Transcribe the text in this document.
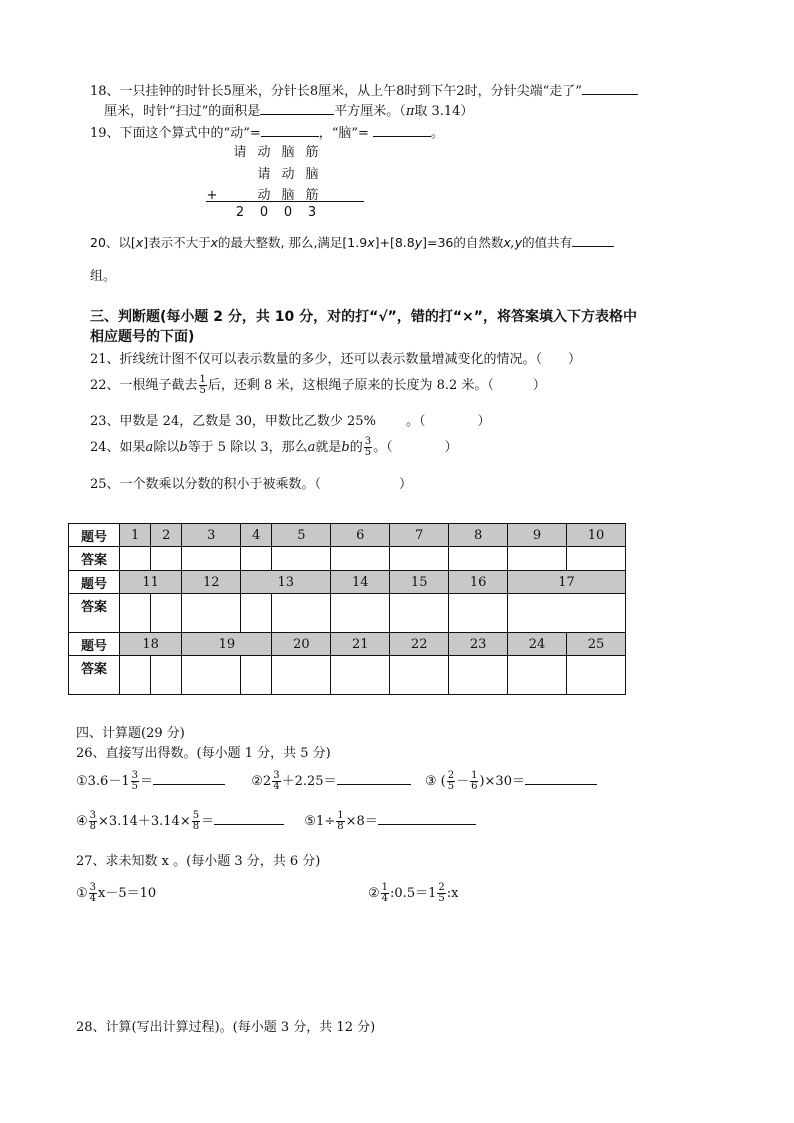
18、一只挂钟的时针长5厘米，分针长8厘米，从上午8时到下午2时，分针尖端“走了”
厘米，时针“扫过”的面积是	平方厘米。（π取 3.14）
19、下面这个算式中的“动”=	，“脑”=	。
请 动 脑 筋
请 动 脑
+	动 脑 筋
2 0 0 3
20、以[x]表示不大于x的最大整数, 那么,满足[1.9x]+[8.8y]=36的自然数x,y的值共有
组。
三、判断题(每小题 2 分，共 10 分，对的打“√”，错的打“×”，将答案填入下方表格中
相应题号的下面)
21、折线统计图不仅可以表示数量的多少，还可以表示数量增减变化的情况。（　　）
22、一根绳子截去 $\frac{1}{5}$ 后，还剩 8 米，这根绳子原来的长度为 8.2 米。（　　　）
23、甲数是 24，乙数是 30，甲数比乙数少 25%　　 。（　　　　）
24、如果a除以b等于 5 除以 3，那么a就是b的 $\frac{3}{5}$ 。（　　　　）
25、一个数乘以分数的积小于被乘数。（　　　　　　）
题号	1	2	3	4	5	6	7	8	9	10
答案										
题号	11		12	13		14	15	16	17	
答案										
题号	18		19		20	21	22	23	24	25
答案										
四、计算题(29 分)
26、直接写出得数。(每小题 1 分，共 5 分)
①3.6－1 $\frac{3}{5}$ ＝	②2 $\frac{3}{4} +2.25=$	③ ( $\frac{2}{5} - \frac{1}{6} )\times 30=$
④ $\frac{3}{8} \times 3.14+3.14\times \frac{5}{8}$ ＝	⑤1÷ $\frac{1}{8} \times 8=$
27、求未知数 x 。(每小题 3 分，共 6 分)
① $\frac{3}{4} x-5=10$	② $\frac{1}{4}$ :0.5＝1 $\frac{2}{5}$ :x
28、计算(写出计算过程)。(每小题 3 分，共 12 分)
